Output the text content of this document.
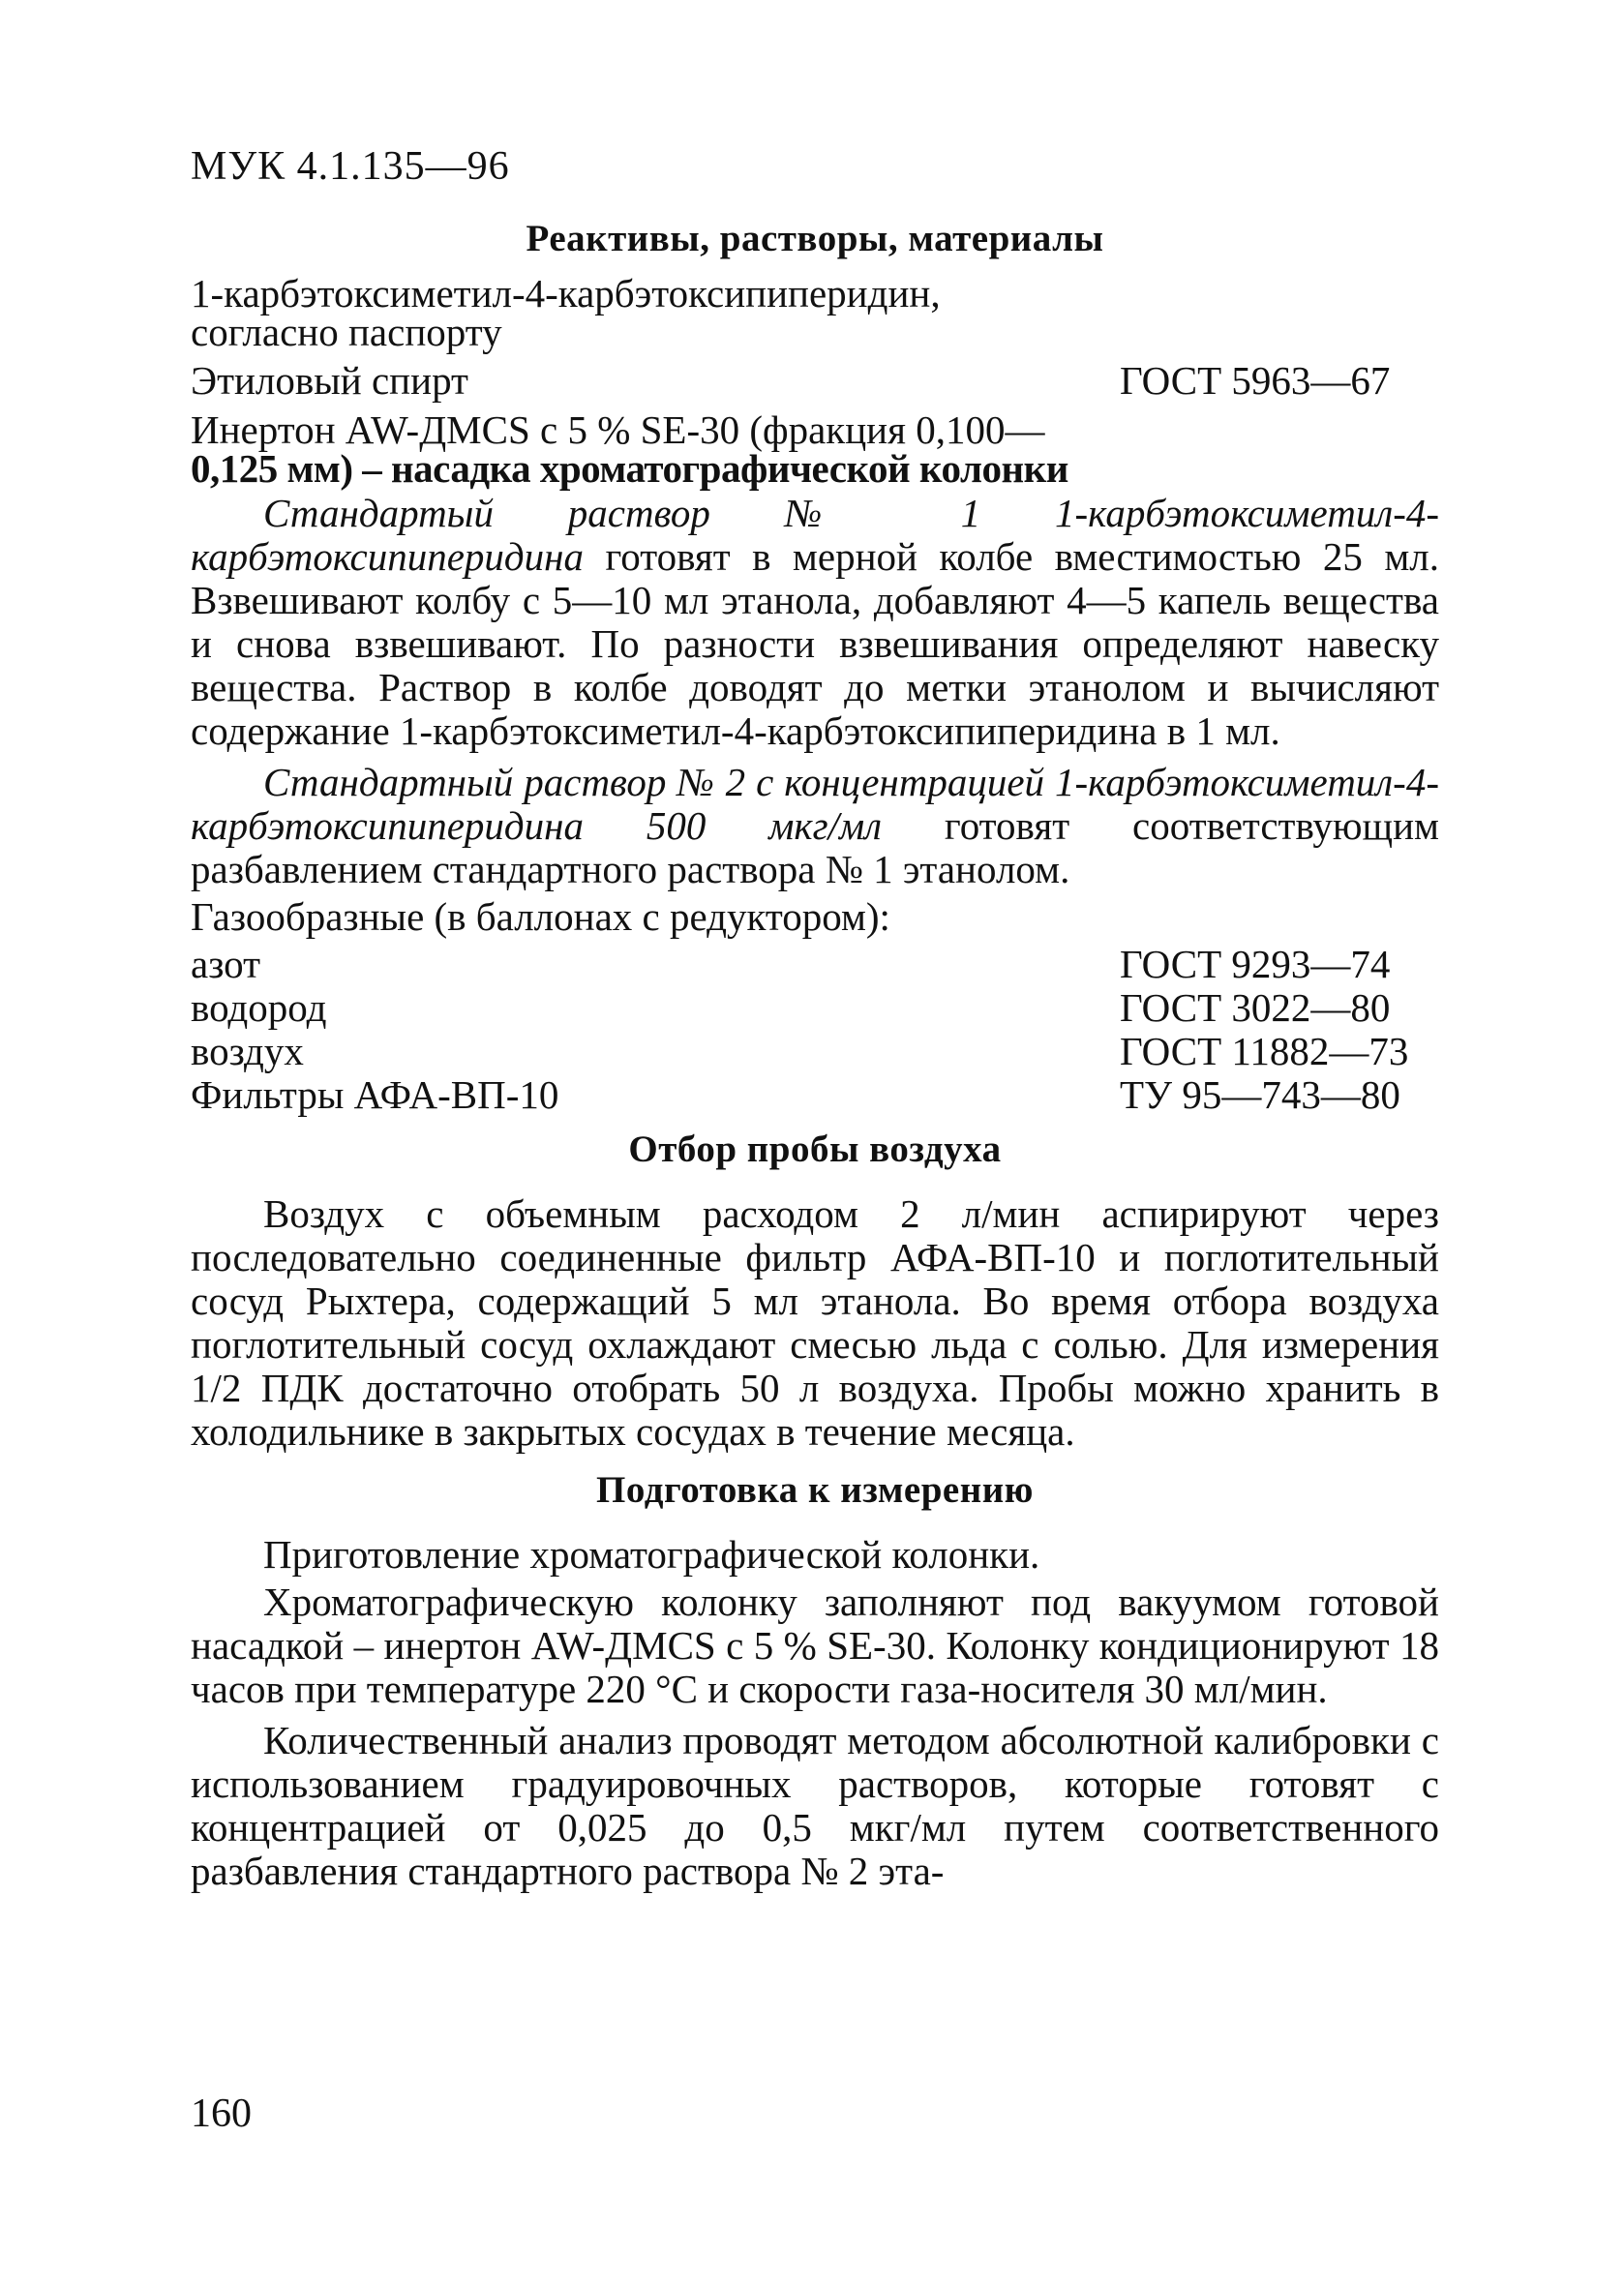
МУК 4.1.135—96

Реактивы, растворы, материалы

1-карбэтоксиметил-4-карбэтоксипиперидин,

согласно паспорту

Этиловый спирт	ГОСТ 5963—67

Инертон AW-ДMCS с 5 % SE-30 (фракция 0,100—

0,125 мм) – насадка хроматографической колонки

Стандартый раствор № 1 1-карбэтоксиметил-4-карбэтоксипиперидина готовят в мерной колбе вместимостью 25 мл. Взвешивают колбу с 5—10 мл этанола, добавляют 4—5 капель вещества и снова взвешивают. По разности взвешивания определяют навеску вещества. Раствор в колбе доводят до метки этанолом и вычисляют содержание 1-карбэтоксиметил-4-карбэтоксипиперидина в 1 мл.

Стандартный раствор № 2 с концентрацией 1-карбэтоксиметил-4-карбэтоксипиперидина 500 мкг/мл готовят соответствующим разбавлением стандартного раствора № 1 этанолом.

Газообразные (в баллонах с редуктором):

азот	ГОСТ 9293—74
водород	ГОСТ 3022—80
воздух	ГОСТ 11882—73
Фильтры АФА-ВП-10	ТУ 95—743—80
Отбор пробы воздуха

Воздух с объемным расходом 2 л/мин аспирируют через последовательно соединенные фильтр АФА-ВП-10 и поглотительный сосуд Рыхтера, содержащий 5 мл этанола. Во время отбора воздуха поглотительный сосуд охлаждают смесью льда с солью. Для измерения 1/2 ПДК достаточно отобрать 50 л воздуха. Пробы можно хранить в холодильнике в закрытых сосудах в течение месяца.

Подготовка к измерению

Приготовление хроматографической колонки.

Хроматографическую колонку заполняют под вакуумом готовой насадкой – инертон AW-ДMCS с 5 % SE-30. Колонку кондиционируют 18 часов при температуре 220 °С и скорости газа-носителя 30 мл/мин.

Количественный анализ проводят методом абсолютной калибровки с использованием градуировочных растворов, которые готовят с концентрацией от 0,025 до 0,5 мкг/мл путем соответственного разбавления стандартного раствора № 2 эта-

160
